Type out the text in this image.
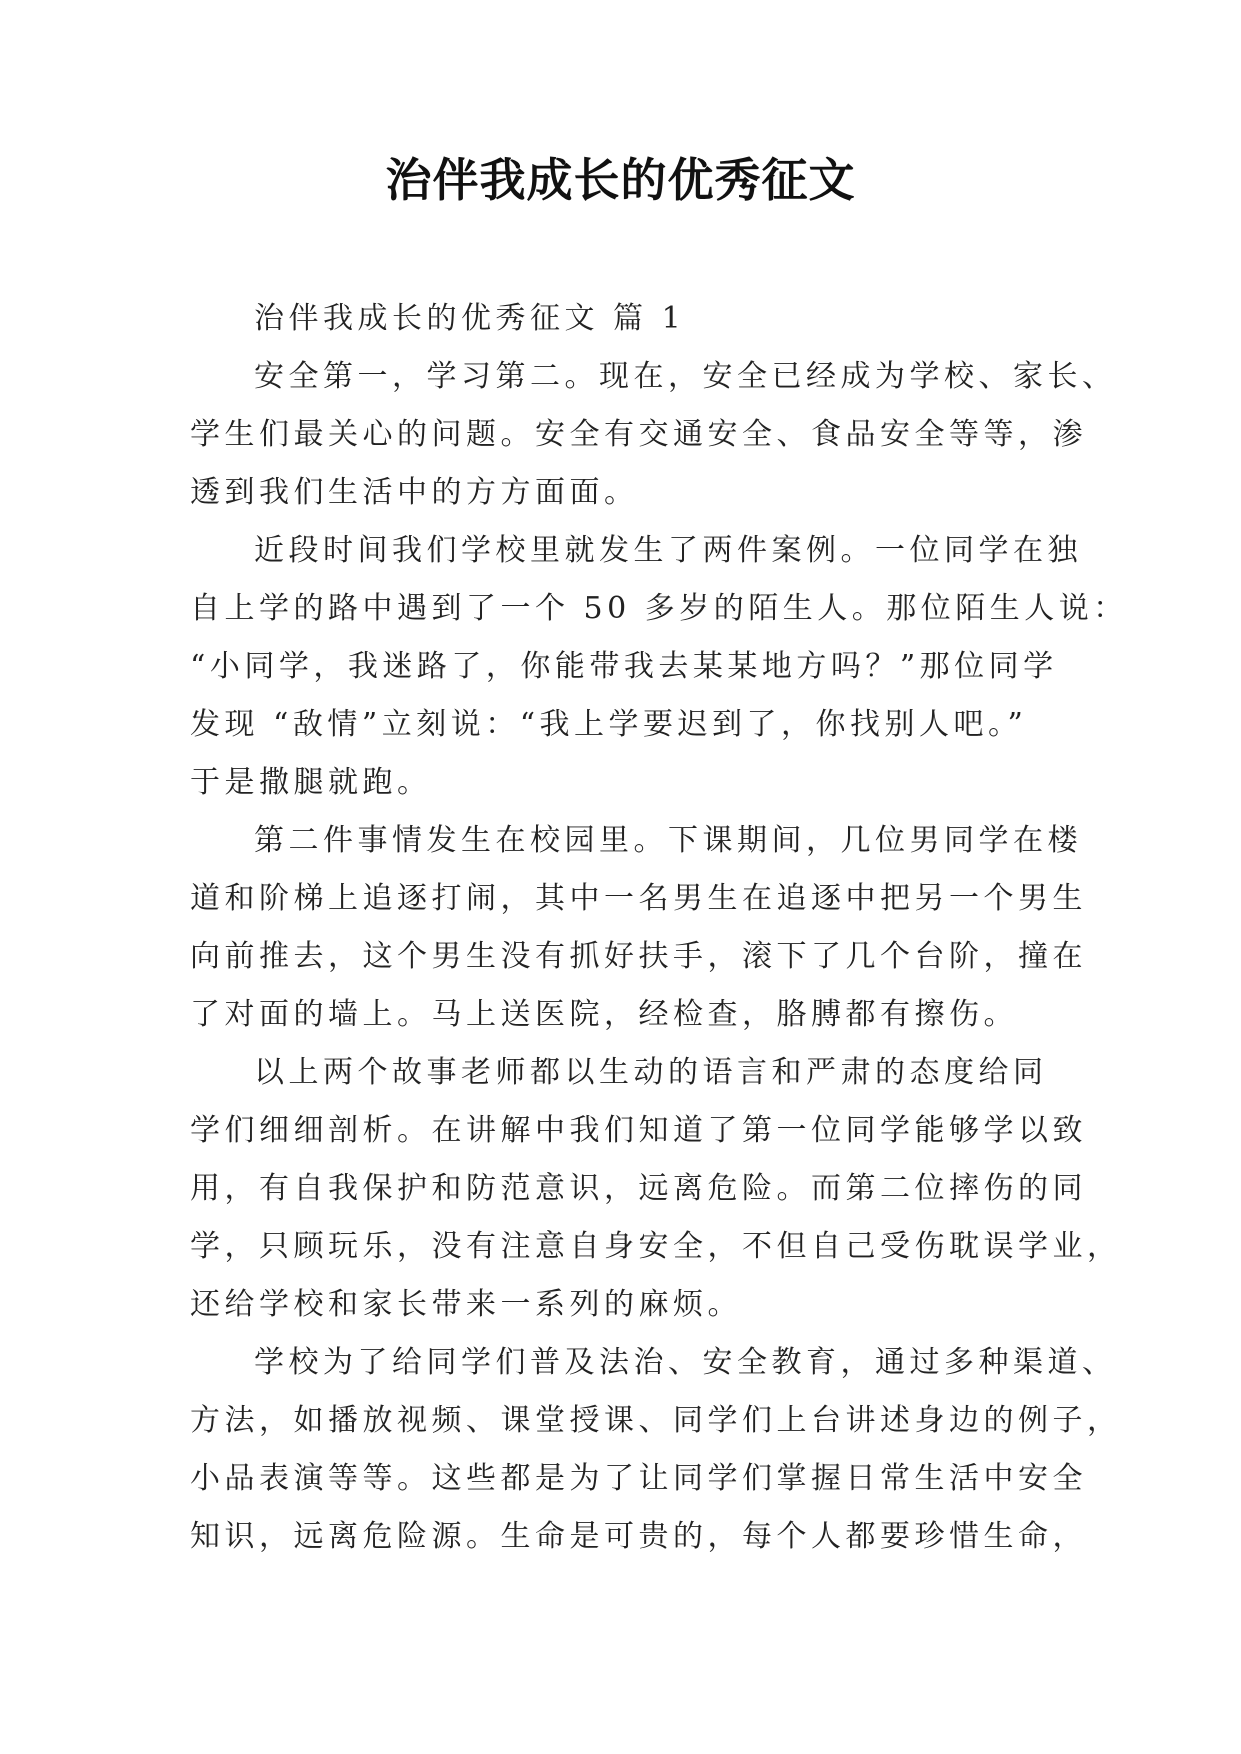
治伴我成长的优秀征文
治伴我成长的优秀征文 篇 1
安全第一，学习第二。现在，安全已经成为学校、家长、
学生们最关心的问题。安全有交通安全、食品安全等等，渗
透到我们生活中的方方面面。
近段时间我们学校里就发生了两件案例。一位同学在独
自上学的路中遇到了一个 50 多岁的陌生人。那位陌生人说：
“小同学，我迷路了，你能带我去某某地方吗？”那位同学
发现 “敌情”立刻说：“我上学要迟到了，你找别人吧。”
于是撒腿就跑。
第二件事情发生在校园里。下课期间，几位男同学在楼
道和阶梯上追逐打闹，其中一名男生在追逐中把另一个男生
向前推去，这个男生没有抓好扶手，滚下了几个台阶，撞在
了对面的墙上。马上送医院，经检查，胳膊都有擦伤。
以上两个故事老师都以生动的语言和严肃的态度给同
学们细细剖析。在讲解中我们知道了第一位同学能够学以致
用，有自我保护和防范意识，远离危险。而第二位摔伤的同
学，只顾玩乐，没有注意自身安全，不但自己受伤耽误学业，
还给学校和家长带来一系列的麻烦。
学校为了给同学们普及法治、安全教育，通过多种渠道、
方法，如播放视频、课堂授课、同学们上台讲述身边的例子，
小品表演等等。这些都是为了让同学们掌握日常生活中安全
知识，远离危险源。生命是可贵的，每个人都要珍惜生命，
